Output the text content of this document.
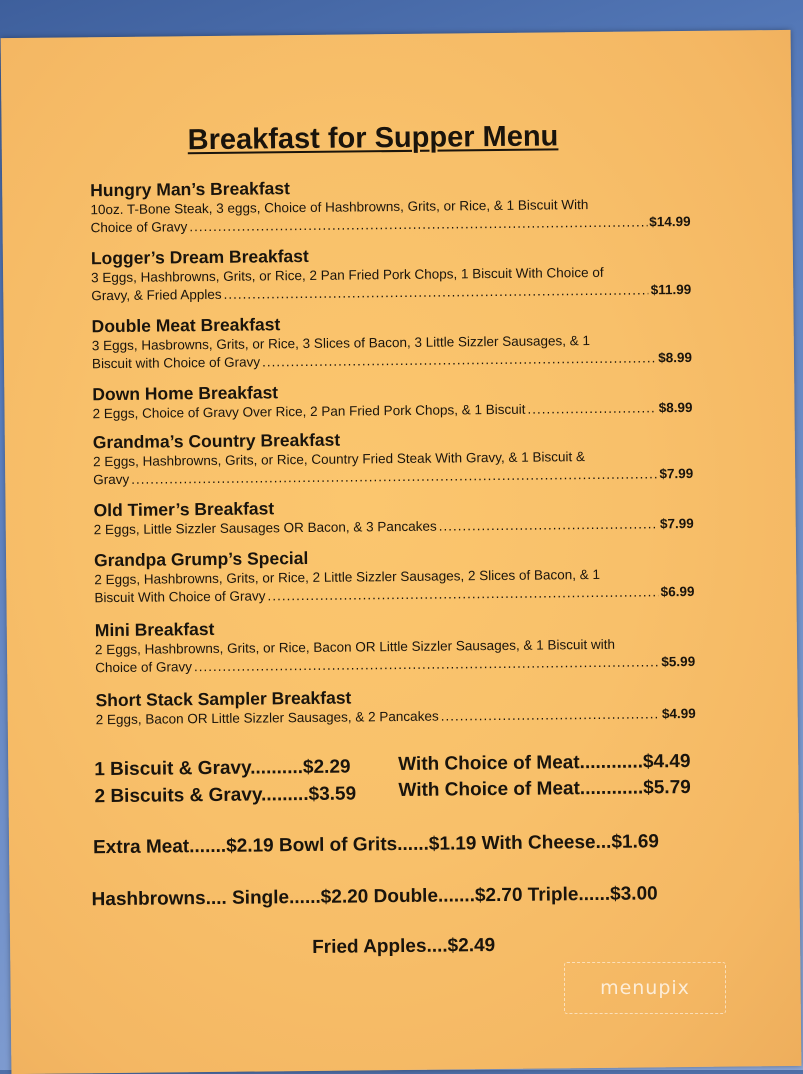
Breakfast for Supper Menu
Hungry Man’s Breakfast
10oz. T-Bone Steak, 3 eggs, Choice of Hashbrowns, Grits, or Rice, & 1 Biscuit With
Choice of Gravy .....	$14.99
Logger’s Dream Breakfast
3 Eggs, Hashbrowns, Grits, or Rice, 2 Pan Fried Pork Chops, 1 Biscuit With Choice of
Gravy, & Fried Apples .....	$11.99
Double Meat Breakfast
3 Eggs, Hasbrowns, Grits, or Rice, 3 Slices of Bacon, 3 Little Sizzler Sausages, & 1
Biscuit with Choice of Gravy .....	$8.99
Down Home Breakfast
2 Eggs, Choice of Gravy Over Rice, 2 Pan Fried Pork Chops, & 1 Biscuit .....	$8.99
Grandma’s Country Breakfast
2 Eggs, Hashbrowns, Grits, or Rice, Country Fried Steak With Gravy, & 1 Biscuit &
Gravy .....	$7.99
Old Timer’s Breakfast
2 Eggs, Little Sizzler Sausages OR Bacon, & 3 Pancakes .....	$7.99
Grandpa Grump’s Special
2 Eggs, Hashbrowns, Grits, or Rice, 2 Little Sizzler Sausages, 2 Slices of Bacon, & 1
Biscuit With Choice of Gravy .....	$6.99
Mini Breakfast
2 Eggs, Hashbrowns, Grits, or Rice, Bacon OR Little Sizzler Sausages, & 1 Biscuit with
Choice of Gravy .....	$5.99
Short Stack Sampler Breakfast
2 Eggs, Bacon OR Little Sizzler Sausages, & 2 Pancakes .....	$4.99
1 Biscuit & Gravy..........$2.29 With Choice of Meat............$4.49
2 Biscuits & Gravy.........$3.59 With Choice of Meat............$5.79
Extra Meat.......$2.19 Bowl of Grits......$1.19 With Cheese...$1.69
Hashbrowns.... Single......$2.20 Double.......$2.70 Triple......$3.00
Fried Apples....$2.49
menupix
